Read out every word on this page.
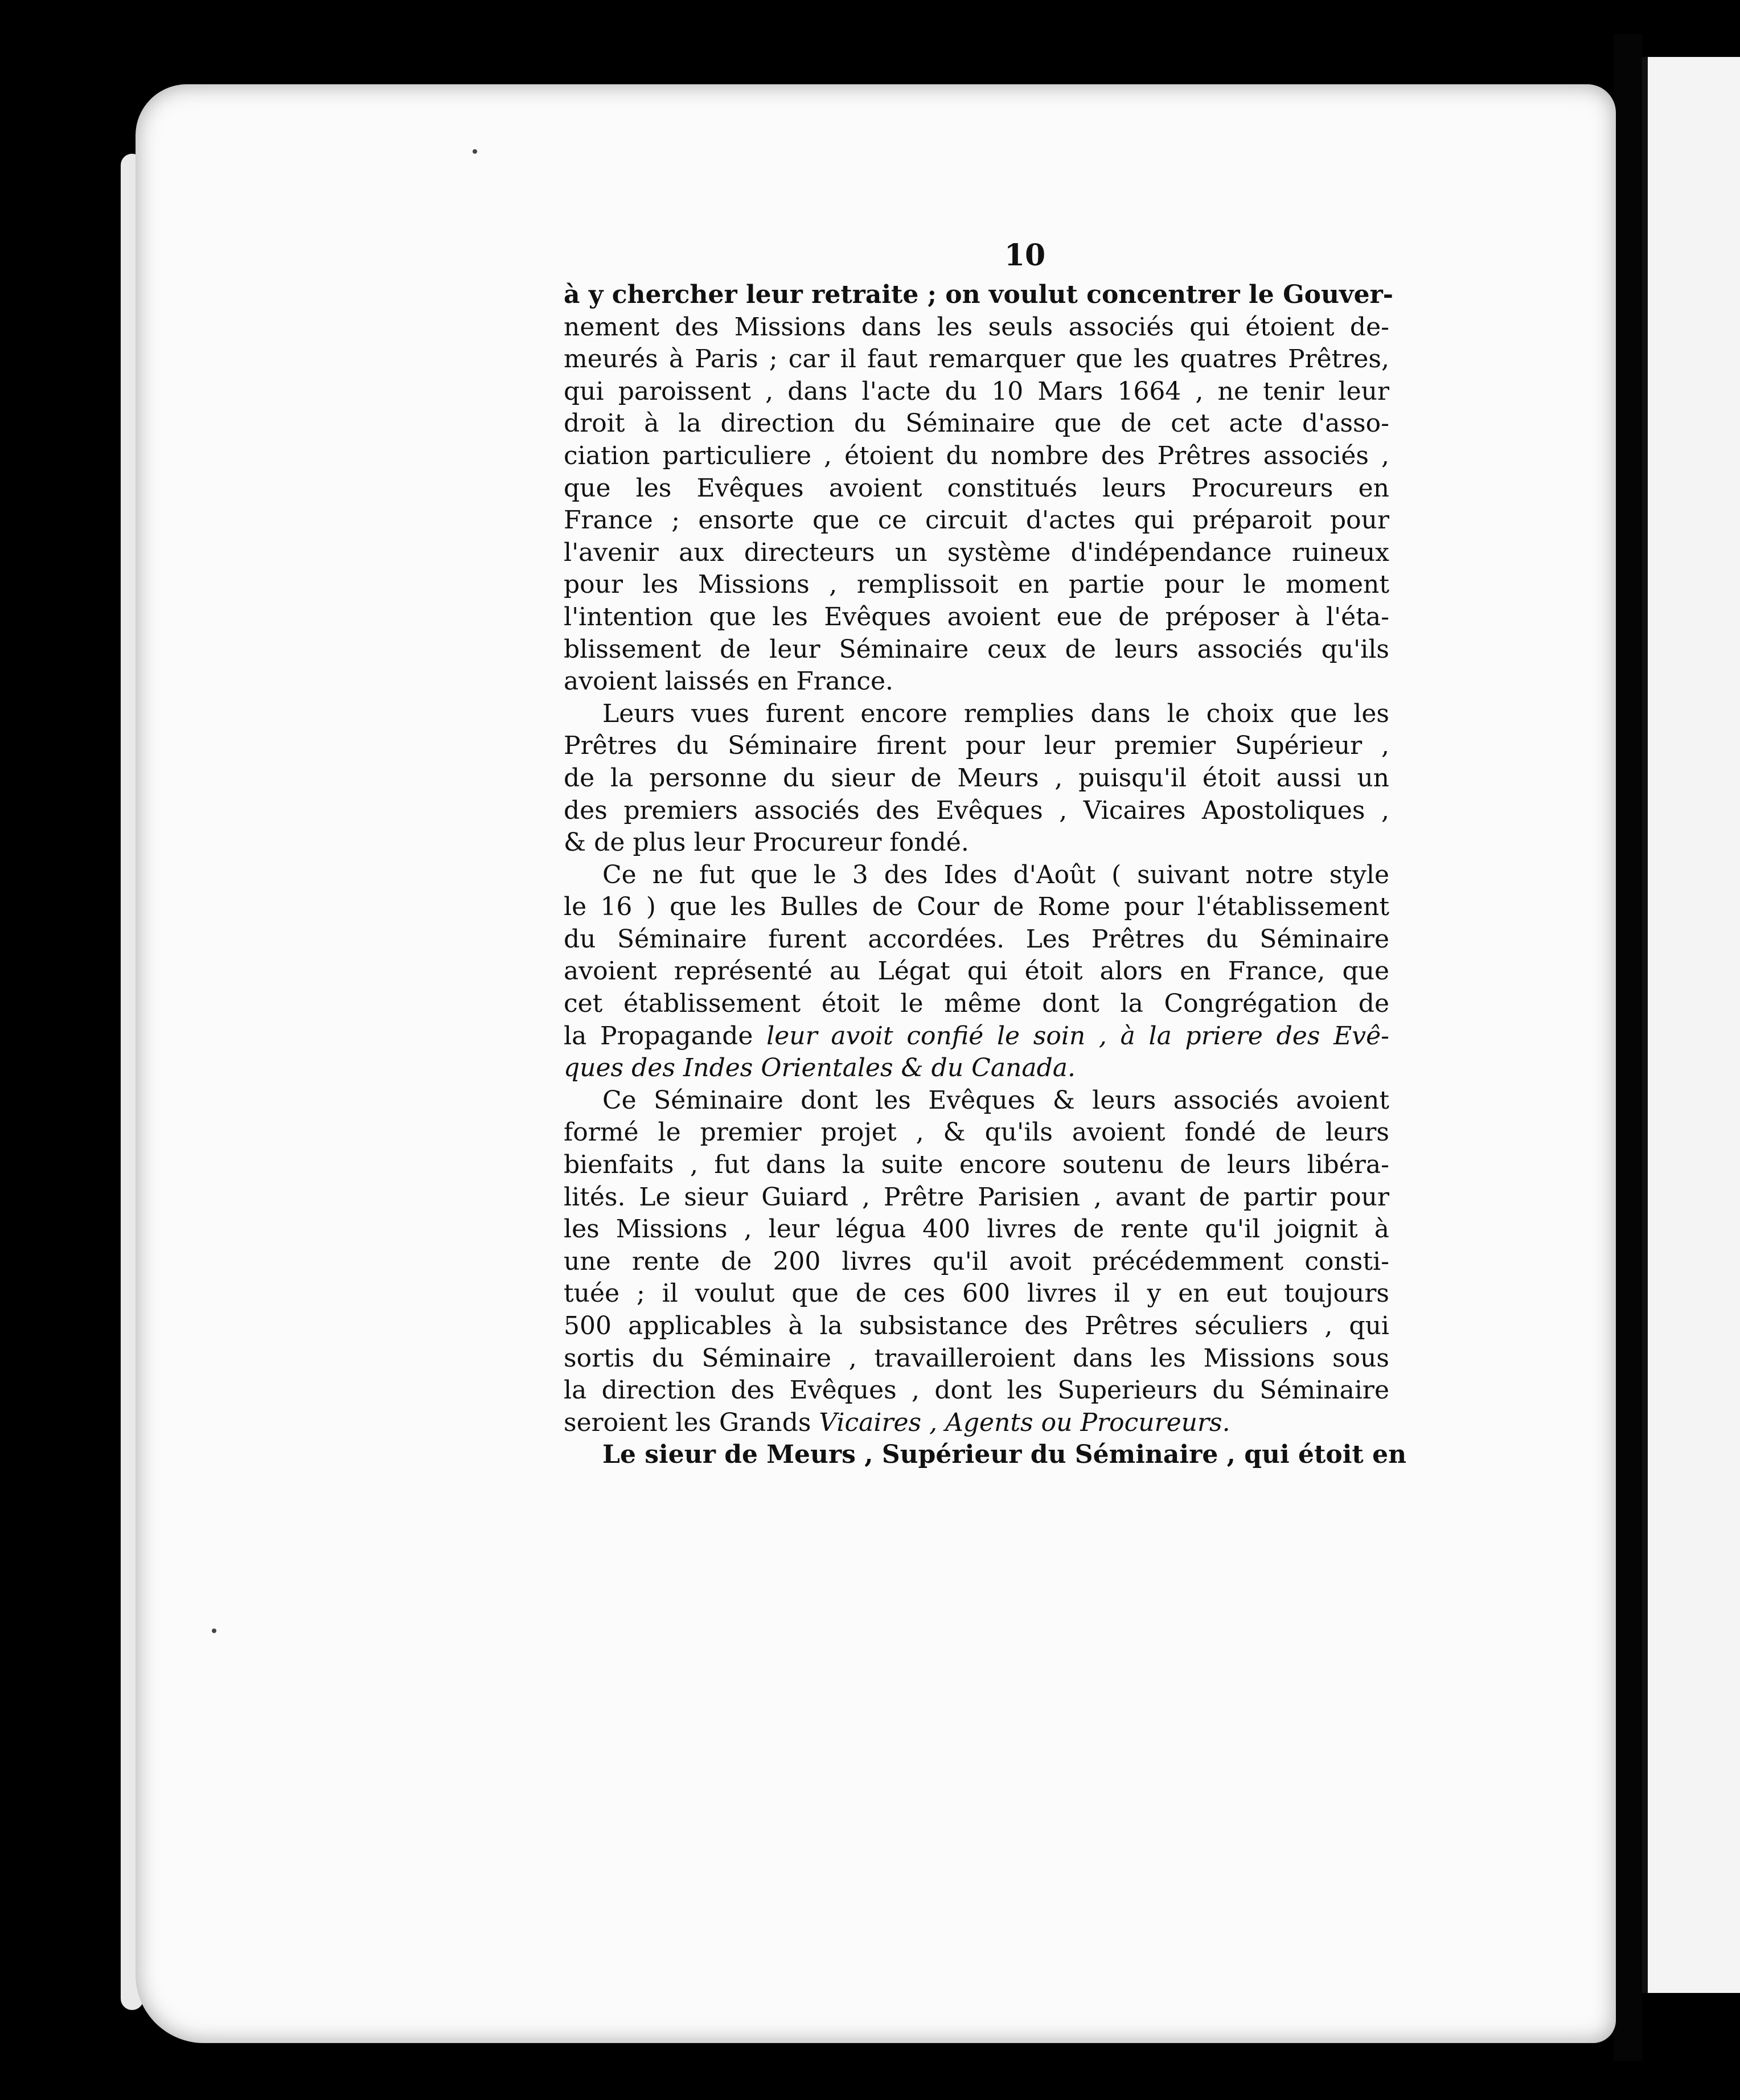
10
à y chercher leur retraite ; on voulut concentrer le Gouver-
nement des Missions dans les seuls associés qui étoient de-
meurés à Paris ; car il faut remarquer que les quatres Prêtres,
qui paroissent , dans l'acte du 10 Mars 1664 , ne tenir leur
droit à la direction du Séminaire que de cet acte d'asso-
ciation particuliere , étoient du nombre des Prêtres associés ,
que les Evêques avoient constitués leurs Procureurs en
France ; ensorte que ce circuit d'actes qui préparoit pour
l'avenir aux directeurs un système d'indépendance ruineux
pour les Missions , remplissoit en partie pour le moment
l'intention que les Evêques avoient eue de préposer à l'éta-
blissement de leur Séminaire ceux de leurs associés qu'ils
avoient laissés en France.
Leurs vues furent encore remplies dans le choix que les
Prêtres du Séminaire firent pour leur premier Supérieur ,
de la personne du sieur de Meurs , puisqu'il étoit aussi un
des premiers associés des Evêques , Vicaires Apostoliques ,
& de plus leur Procureur fondé.
Ce ne fut que le 3 des Ides d'Août ( suivant notre style
le 16 ) que les Bulles de Cour de Rome pour l'établissement
du Séminaire furent accordées. Les Prêtres du Séminaire
avoient représenté au Légat qui étoit alors en France, que
cet établissement étoit le même dont la Congrégation de
la Propagande leur avoit confié le soin , à la priere des Evê-
ques des Indes Orientales & du Canada.
Ce Séminaire dont les Evêques & leurs associés avoient
formé le premier projet , & qu'ils avoient fondé de leurs
bienfaits , fut dans la suite encore soutenu de leurs libéra-
lités. Le sieur Guiard , Prêtre Parisien , avant de partir pour
les Missions , leur légua 400 livres de rente qu'il joignit à
une rente de 200 livres qu'il avoit précédemment consti-
tuée ; il voulut que de ces 600 livres il y en eut toujours
500 applicables à la subsistance des Prêtres séculiers , qui
sortis du Séminaire , travailleroient dans les Missions sous
la direction des Evêques , dont les Superieurs du Séminaire
seroient les Grands Vicaires , Agents ou Procureurs.
Le sieur de Meurs , Supérieur du Séminaire , qui étoit en
